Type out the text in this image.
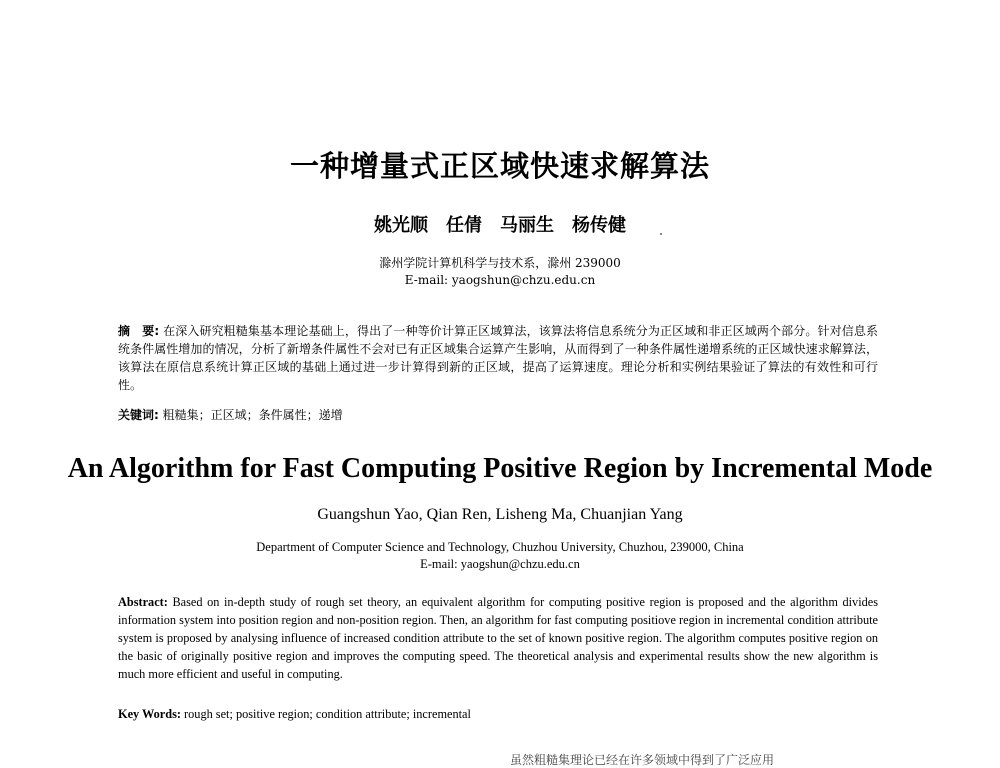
一种增量式正区域快速求解算法
姚光顺　任倩　马丽生　杨传健
滁州学院计算机科学与技术系，滁州 239000
E-mail: yaogshun@chzu.edu.cn
摘　要: 在深入研究粗糙集基本理论基础上，得出了一种等价计算正区域算法，该算法将信息系统分为正区域和非正区域两个部分。针对信息系统条件属性增加的情况，分析了新增条件属性不会对已有正区域集合运算产生影响，从而得到了一种条件属性递增系统的正区域快速求解算法，该算法在原信息系统计算正区域的基础上通过进一步计算得到新的正区域，提高了运算速度。理论分析和实例结果验证了算法的有效性和可行性。
关键词: 粗糙集；正区域；条件属性；递增
An Algorithm for Fast Computing Positive Region by Incremental Mode
Guangshun Yao, Qian Ren, Lisheng Ma, Chuanjian Yang
Department of Computer Science and Technology, Chuzhou University, Chuzhou, 239000, China
E-mail: yaogshun@chzu.edu.cn
Abstract: Based on in-depth study of rough set theory, an equivalent algorithm for computing positive region is proposed and the algorithm divides information system into position region and non-position region. Then, an algorithm for fast computing positiove region in incremental condition attribute system is proposed by analysing influence of increased condition attribute to the set of known positive region. The algorithm computes positive region on the basic of originally positive region and improves the computing speed. The theoretical analysis and experimental results show the new algorithm is much more efficient and useful in computing.
Key Words: rough set; positive region; condition attribute; incremental
虽然粗糙集理论已经在许多领域中得到了广泛应用
